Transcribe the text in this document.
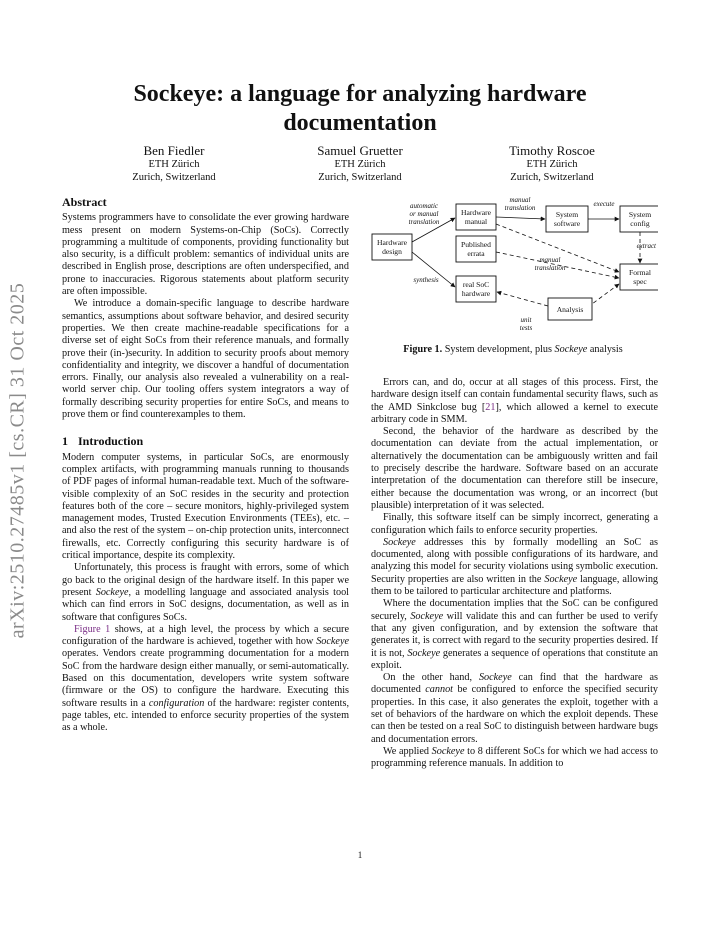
arXiv:2510.27485v1 [cs.CR] 31 Oct 2025
Sockeye: a language for analyzing hardware documentation
Ben Fiedler
ETH Zürich
Zurich, Switzerland
Samuel Gruetter
ETH Zürich
Zurich, Switzerland
Timothy Roscoe
ETH Zürich
Zurich, Switzerland
Abstract

Systems programmers have to consolidate the ever growing hardware mess present on modern Systems-on-Chip (SoCs). Correctly programming a multitude of components, providing functionality but also security, is a difficult problem: semantics of individual units are described in English prose, descriptions are often underspecified, and prone to inaccuracies. Rigorous statements about platform security are often impossible.

We introduce a domain-specific language to describe hardware semantics, assumptions about software behavior, and desired security properties. We then create machine-readable specifications for a diverse set of eight SoCs from their reference manuals, and formally prove their (in-)security. In addition to security proofs about memory confidentiality and integrity, we discover a handful of documentation errors. Finally, our analysis also revealed a vulnerability on a real-world server chip. Our tooling offers system integrators a way of formally describing security properties for entire SoCs, and means to prove them or find counterexamples to them.

1 Introduction

Modern computer systems, in particular SoCs, are enormously complex artifacts, with programming manuals running to thousands of PDF pages of informal human-readable text. Much of the software-visible complexity of an SoC resides in the security and protection features both of the core – secure monitors, highly-privileged system management modes, Trusted Execution Environments (TEEs), etc. – and also the rest of the system – on-chip protection units, interconnect firewalls, etc. Correctly configuring this security hardware is of critical importance, despite its complexity.

Unfortunately, this process is fraught with errors, some of which go back to the original design of the hardware itself. In this paper we present Sockeye, a modelling language and associated analysis tool which can find errors in SoC designs, documentation, as well as in software that configures SoCs.

Figure 1 shows, at a high level, the process by which a secure configuration of the hardware is achieved, together with how Sockeye operates. Vendors create programming documentation for a modern SoC from the hardware design either manually, or semi-automatically. Based on this documentation, developers write system software (firmware or the OS) to configure the hardware. Executing this software results in a configuration of the hardware: register contents, page tables, etc. intended to enforce security properties of the system as a whole.

Hardware design
Hardware manual
Published errata
real SoC hardware
System software
System config
Formal spec
Analysis
automatic or manual translation
manual translation	execute
extract
manual translation
synthesis
unit tests
Figure 1. System development, plus Sockeye analysis

Errors can, and do, occur at all stages of this process. First, the hardware design itself can contain fundamental security flaws, such as the AMD Sinkclose bug [21], which allowed a kernel to execute arbitrary code in SMM.

Second, the behavior of the hardware as described by the documentation can deviate from the actual implementation, or alternatively the documentation can be ambiguously written and fail to precisely describe the hardware. Software based on an accurate interpretation of the documentation can therefore still be insecure, either because the documentation was wrong, or an incorrect (but plausible) interpretation of it was selected.

Finally, this software itself can be simply incorrect, generating a configuration which fails to enforce security properties.

Sockeye addresses this by formally modelling an SoC as documented, along with possible configurations of its hardware, and analyzing this model for security violations using symbolic execution. Security properties are also written in the Sockeye language, allowing them to be tailored to particular architecture and platforms.

Where the documentation implies that the SoC can be configured securely, Sockeye will validate this and can further be used to verify that any given configuration, and by extension the software that generates it, is correct with regard to the security properties desired. If it is not, Sockeye generates a sequence of operations that constitute an exploit.

On the other hand, Sockeye can find that the hardware as documented cannot be configured to enforce the specified security properties. In this case, it also generates the exploit, together with a set of behaviors of the hardware on which the exploit depends. These can then be tested on a real SoC to distinguish between hardware bugs and documentation errors.

We applied Sockeye to 8 different SoCs for which we had access to programming reference manuals. In addition to

1
